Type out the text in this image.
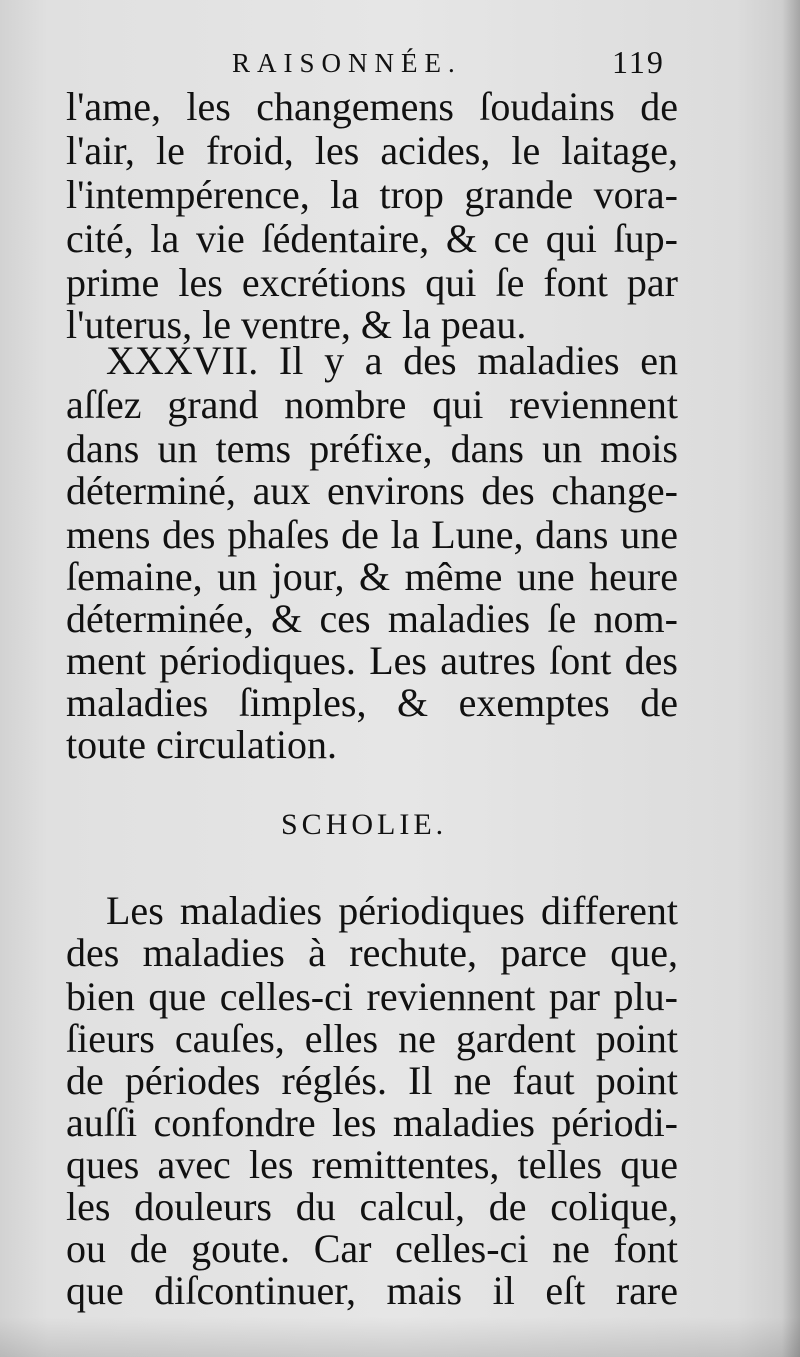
RAISONNÉE.	119
l'ame, les changemens ſoudains de
l'air, le froid, les acides, le laitage,
l'intempérence, la trop grande vora-
cité, la vie ſédentaire, & ce qui ſup-
prime les excrétions qui ſe font par
l'uterus, le ventre, & la peau.
XXXVII. Il y a des maladies en
aſſez grand nombre qui reviennent
dans un tems préfixe, dans un mois
déterminé, aux environs des change-
mens des phaſes de la Lune, dans une
ſemaine, un jour, & même une heure
déterminée, & ces maladies ſe nom-
ment périodiques. Les autres ſont des
maladies ſimples, & exemptes de
toute circulation.
SCHOLIE.
Les maladies périodiques different
des maladies à rechute, parce que,
bien que celles-ci reviennent par plu-
ſieurs cauſes, elles ne gardent point
de périodes réglés. Il ne faut point
auſſi confondre les maladies périodi-
ques avec les remittentes, telles que
les douleurs du calcul, de colique,
ou de goute. Car celles-ci ne font
que diſcontinuer, mais il eſt rare
